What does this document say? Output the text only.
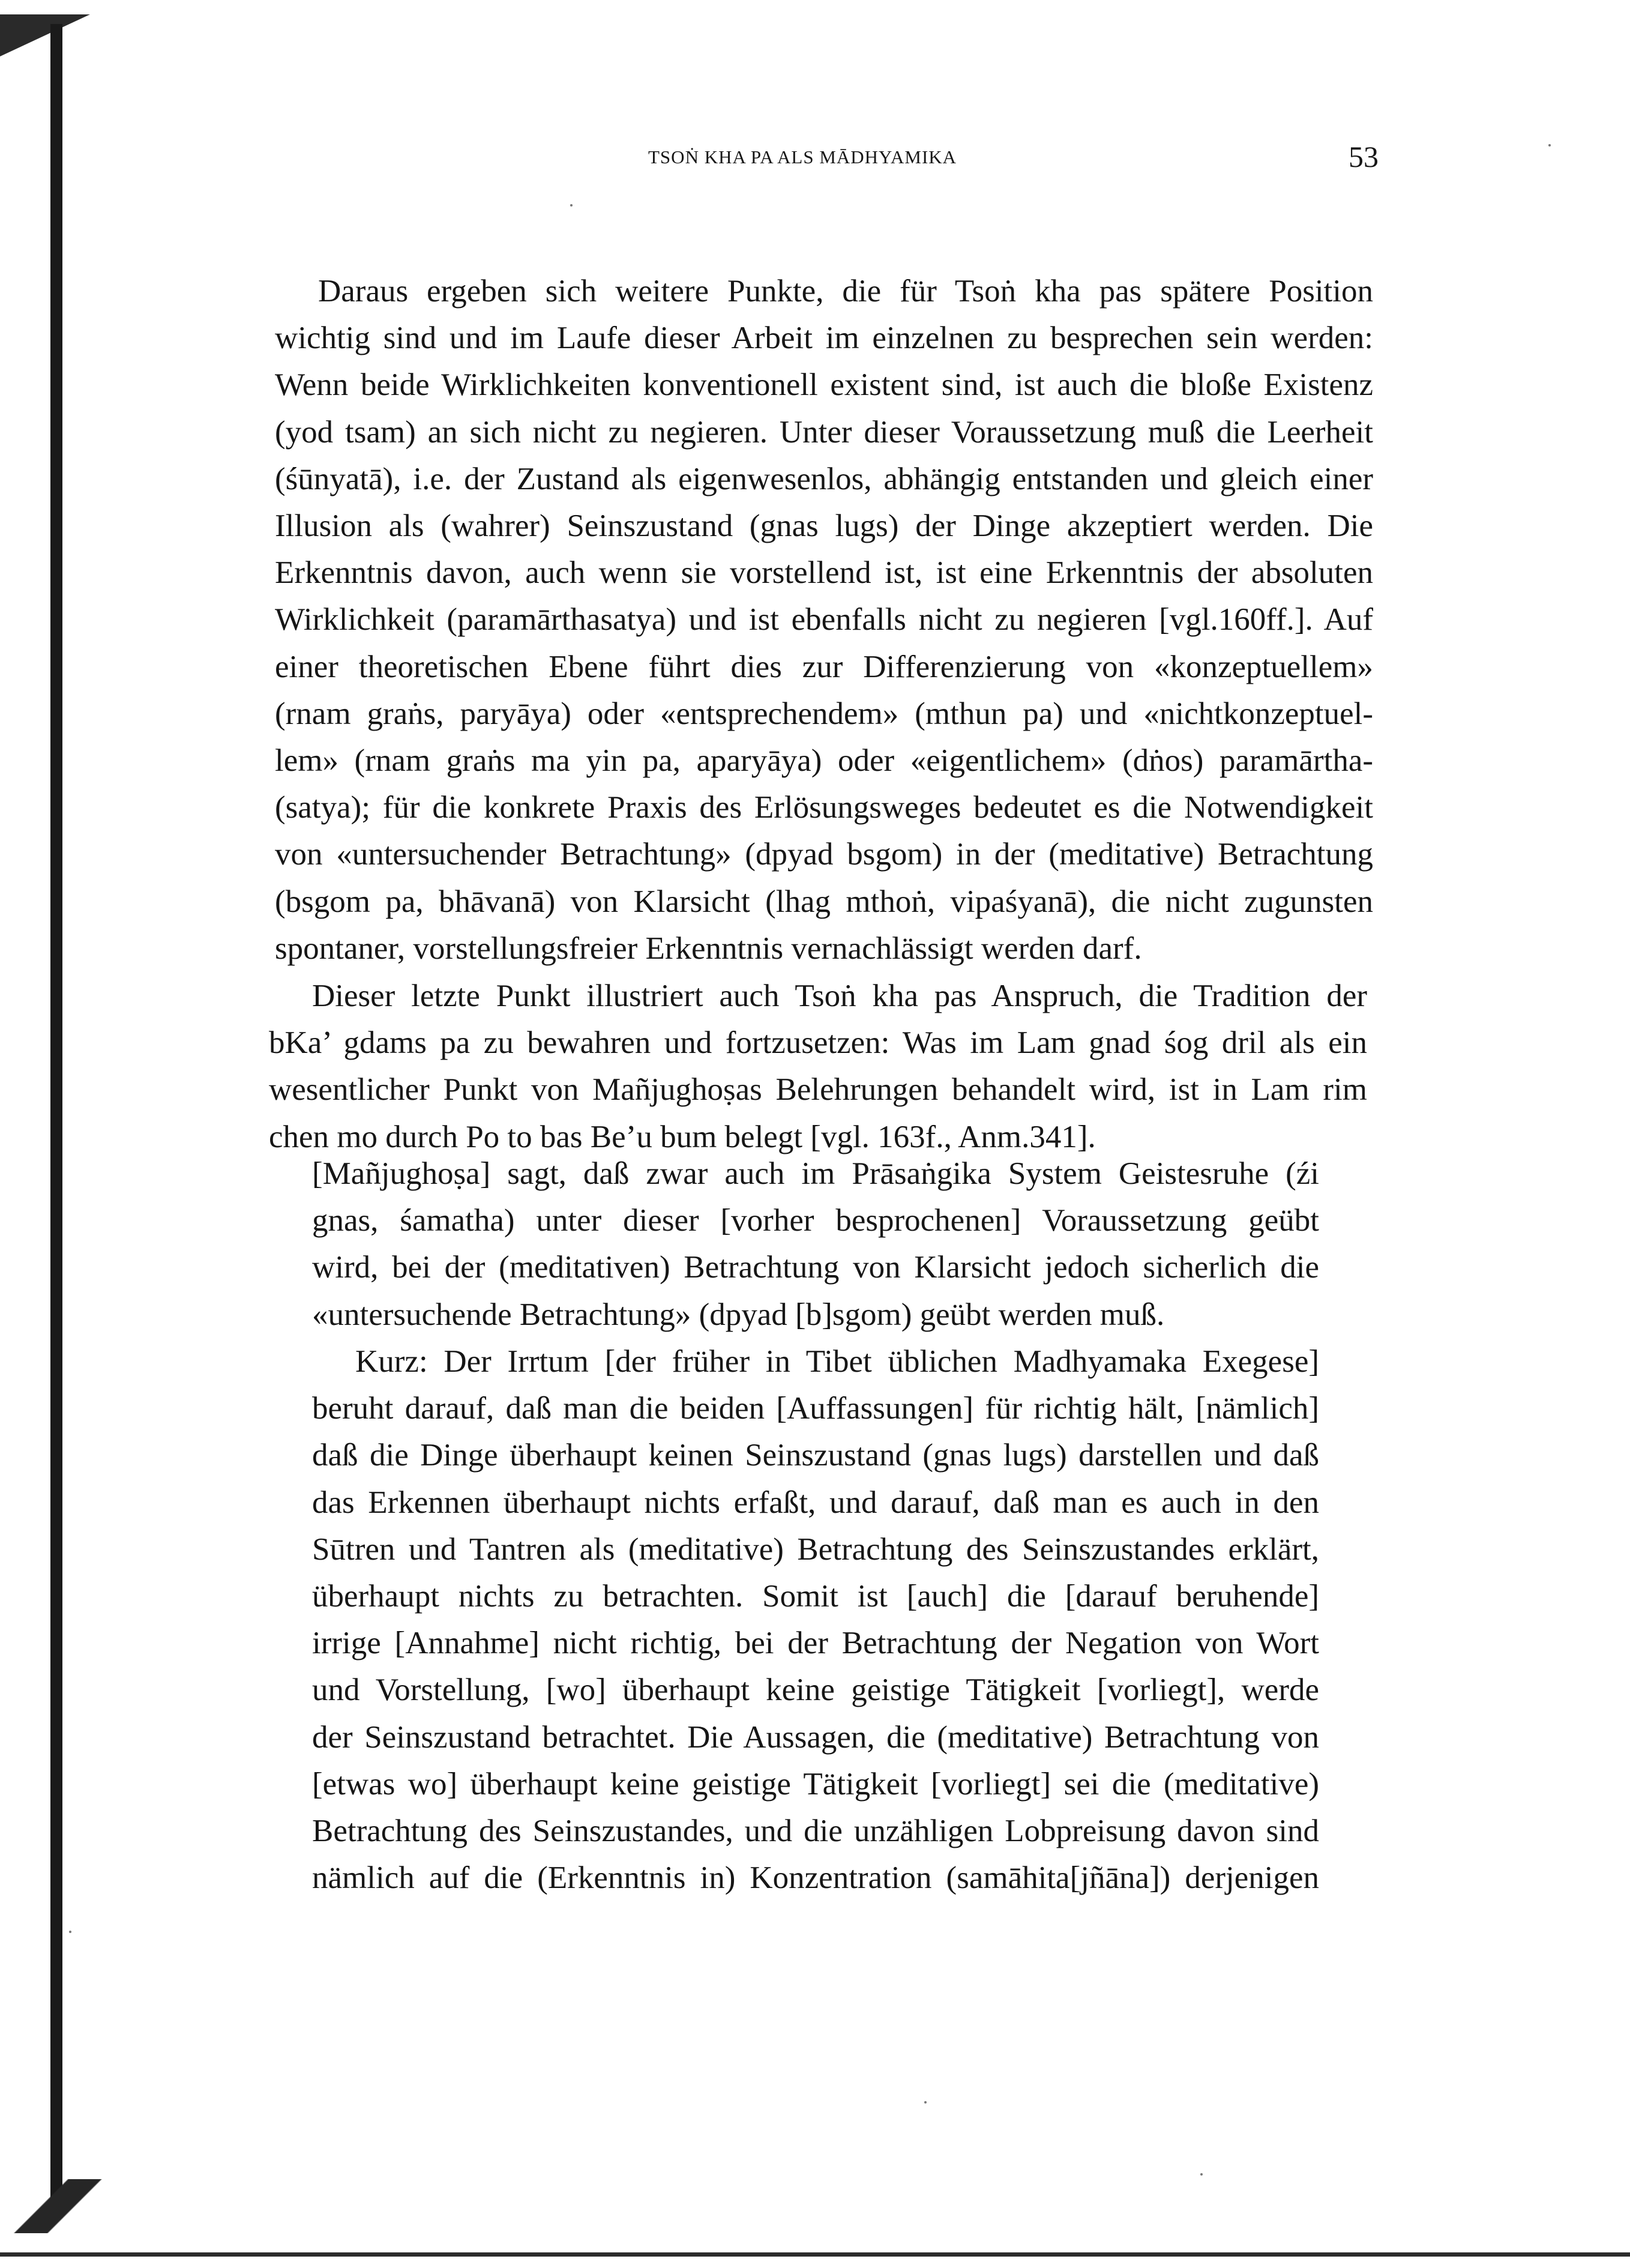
TSOṄ KHA PA ALS MĀDHYAMIKA	53
Daraus ergeben sich weitere Punkte, die für Tsoṅ kha pas spätere Position
wichtig sind und im Laufe dieser Arbeit im einzelnen zu besprechen sein werden:
Wenn beide Wirklichkeiten konventionell existent sind, ist auch die bloße Existenz
(yod tsam) an sich nicht zu negieren. Unter dieser Voraussetzung muß die Leerheit
(śūnyatā), i.e. der Zustand als eigenwesenlos, abhängig entstanden und gleich einer
Illusion als (wahrer) Seinszustand (gnas lugs) der Dinge akzeptiert werden. Die
Erkenntnis davon, auch wenn sie vorstellend ist, ist eine Erkenntnis der absoluten
Wirklichkeit (paramārthasatya) und ist ebenfalls nicht zu negieren [vgl.160ff.]. Auf
einer theoretischen Ebene führt dies zur Differenzierung von «konzeptuellem»
(rnam graṅs, paryāya) oder «entsprechendem» (mthun pa) und «nichtkonzeptuel-
lem» (rnam graṅs ma yin pa, aparyāya) oder «eigentlichem» (dṅos) paramārtha-
(satya); für die konkrete Praxis des Erlösungsweges bedeutet es die Notwendigkeit
von «untersuchender Betrachtung» (dpyad bsgom) in der (meditative) Betrachtung
(bsgom pa, bhāvanā) von Klarsicht (lhag mthoṅ, vipaśyanā), die nicht zugunsten
spontaner, vorstellungsfreier Erkenntnis vernachlässigt werden darf.
Dieser letzte Punkt illustriert auch Tsoṅ kha pas Anspruch, die Tradition der
bKa’ gdams pa zu bewahren und fortzusetzen: Was im Lam gnad śog dril als ein
wesentlicher Punkt von Mañjughoṣas Belehrungen behandelt wird, ist in Lam rim
chen mo durch Po to bas Be’u bum belegt [vgl. 163f., Anm.341].
[Mañjughoṣa] sagt, daß zwar auch im Prāsaṅgika System Geistesruhe (źi
gnas, śamatha) unter dieser [vorher besprochenen] Voraussetzung geübt
wird, bei der (meditativen) Betrachtung von Klarsicht jedoch sicherlich die
«untersuchende Betrachtung» (dpyad [b]sgom) geübt werden muß.
Kurz: Der Irrtum [der früher in Tibet üblichen Madhyamaka Exegese]
beruht darauf, daß man die beiden [Auffassungen] für richtig hält, [nämlich]
daß die Dinge überhaupt keinen Seinszustand (gnas lugs) darstellen und daß
das Erkennen überhaupt nichts erfaßt, und darauf, daß man es auch in den
Sūtren und Tantren als (meditative) Betrachtung des Seinszustandes erklärt,
überhaupt nichts zu betrachten. Somit ist [auch] die [darauf beruhende]
irrige [Annahme] nicht richtig, bei der Betrachtung der Negation von Wort
und Vorstellung, [wo] überhaupt keine geistige Tätigkeit [vorliegt], werde
der Seinszustand betrachtet. Die Aussagen, die (meditative) Betrachtung von
[etwas wo] überhaupt keine geistige Tätigkeit [vorliegt] sei die (meditative)
Betrachtung des Seinszustandes, und die unzähligen Lobpreisung davon sind
nämlich auf die (Erkenntnis in) Konzentration (samāhita[jñāna]) derjenigen
